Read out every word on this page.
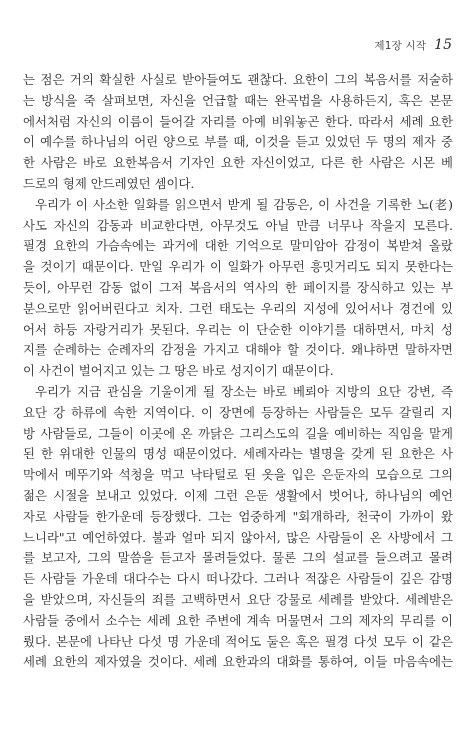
제1장 시작 15
는 점은 거의 확실한 사실로 받아들여도 괜찮다. 요한이 그의 복음서를 저술하
는 방식을 죽 살펴보면, 자신을 언급할 때는 완곡법을 사용하든지, 혹은 본문
에서처럼 자신의 이름이 들어갈 자리를 아예 비워놓곤 한다. 따라서 세례 요한
이 예수를 하나님의 어린 양으로 부를 때, 이것을 듣고 있었던 두 명의 제자 중
한 사람은 바로 요한복음서 기자인 요한 자신이었고, 다른 한 사람은 시몬 베
드로의 형제 안드레였던 셈이다.
우리가 이 사소한 일화를 읽으면서 받게 될 감동은, 이 사건을 기록한 노(老)
사도 자신의 감동과 비교한다면, 아무것도 아닐 만큼 너무나 작을지 모른다.
필경 요한의 가슴속에는 과거에 대한 기억으로 말미암아 감정이 복받쳐 올랐
을 것이기 때문이다. 만일 우리가 이 일화가 아무런 흥밋거리도 되지 못한다는
듯이, 아무런 감동 없이 그저 복음서의 역사의 한 페이지를 장식하고 있는 부
분으로만 읽어버린다고 치자. 그런 태도는 우리의 지성에 있어서나 경건에 있
어서 하등 자랑거리가 못된다. 우리는 이 단순한 이야기를 대하면서, 마치 성
지를 순례하는 순례자의 감정을 가지고 대해야 할 것이다. 왜냐하면 말하자면
이 사건이 벌어지고 있는 그 땅은 바로 성지이기 때문이다.
우리가 지금 관심을 기울이게 될 장소는 바로 베뢰아 지방의 요단 강변, 즉
요단 강 하류에 속한 지역이다. 이 장면에 등장하는 사람들은 모두 갈릴리 지
방 사람들로, 그들이 이곳에 온 까닭은 그리스도의 길을 예비하는 직임을 맡게
된 한 위대한 인물의 명성 때문이었다. 세례자라는 별명을 갖게 된 요한은 사
막에서 메뚜기와 석청을 먹고 낙타털로 된 옷을 입은 은둔자의 모습으로 그의
젊은 시절을 보내고 있었다. 이제 그런 은둔 생활에서 벗어나, 하나님의 예언
자로 사람들 한가운데 등장했다. 그는 엄중하게 "회개하라, 천국이 가까이 왔
느니라"고 예언하였다. 불과 얼마 되지 않아서, 많은 사람들이 온 사방에서 그
를 보고자, 그의 말씀을 듣고자 몰려들었다. 물론 그의 설교를 들으려고 몰려
든 사람들 가운데 대다수는 다시 떠나갔다. 그러나 적잖은 사람들이 깊은 감명
을 받았으며, 자신들의 죄를 고백하면서 요단 강물로 세례를 받았다. 세례받은
사람들 중에서 소수는 세례 요한 주변에 계속 머물면서 그의 제자의 무리를 이
뤘다. 본문에 나타난 다섯 명 가운데 적어도 둘은 혹은 필경 다섯 모두 이 같은
세례 요한의 제자였을 것이다. 세례 요한과의 대화를 통하여, 이들 마음속에는
